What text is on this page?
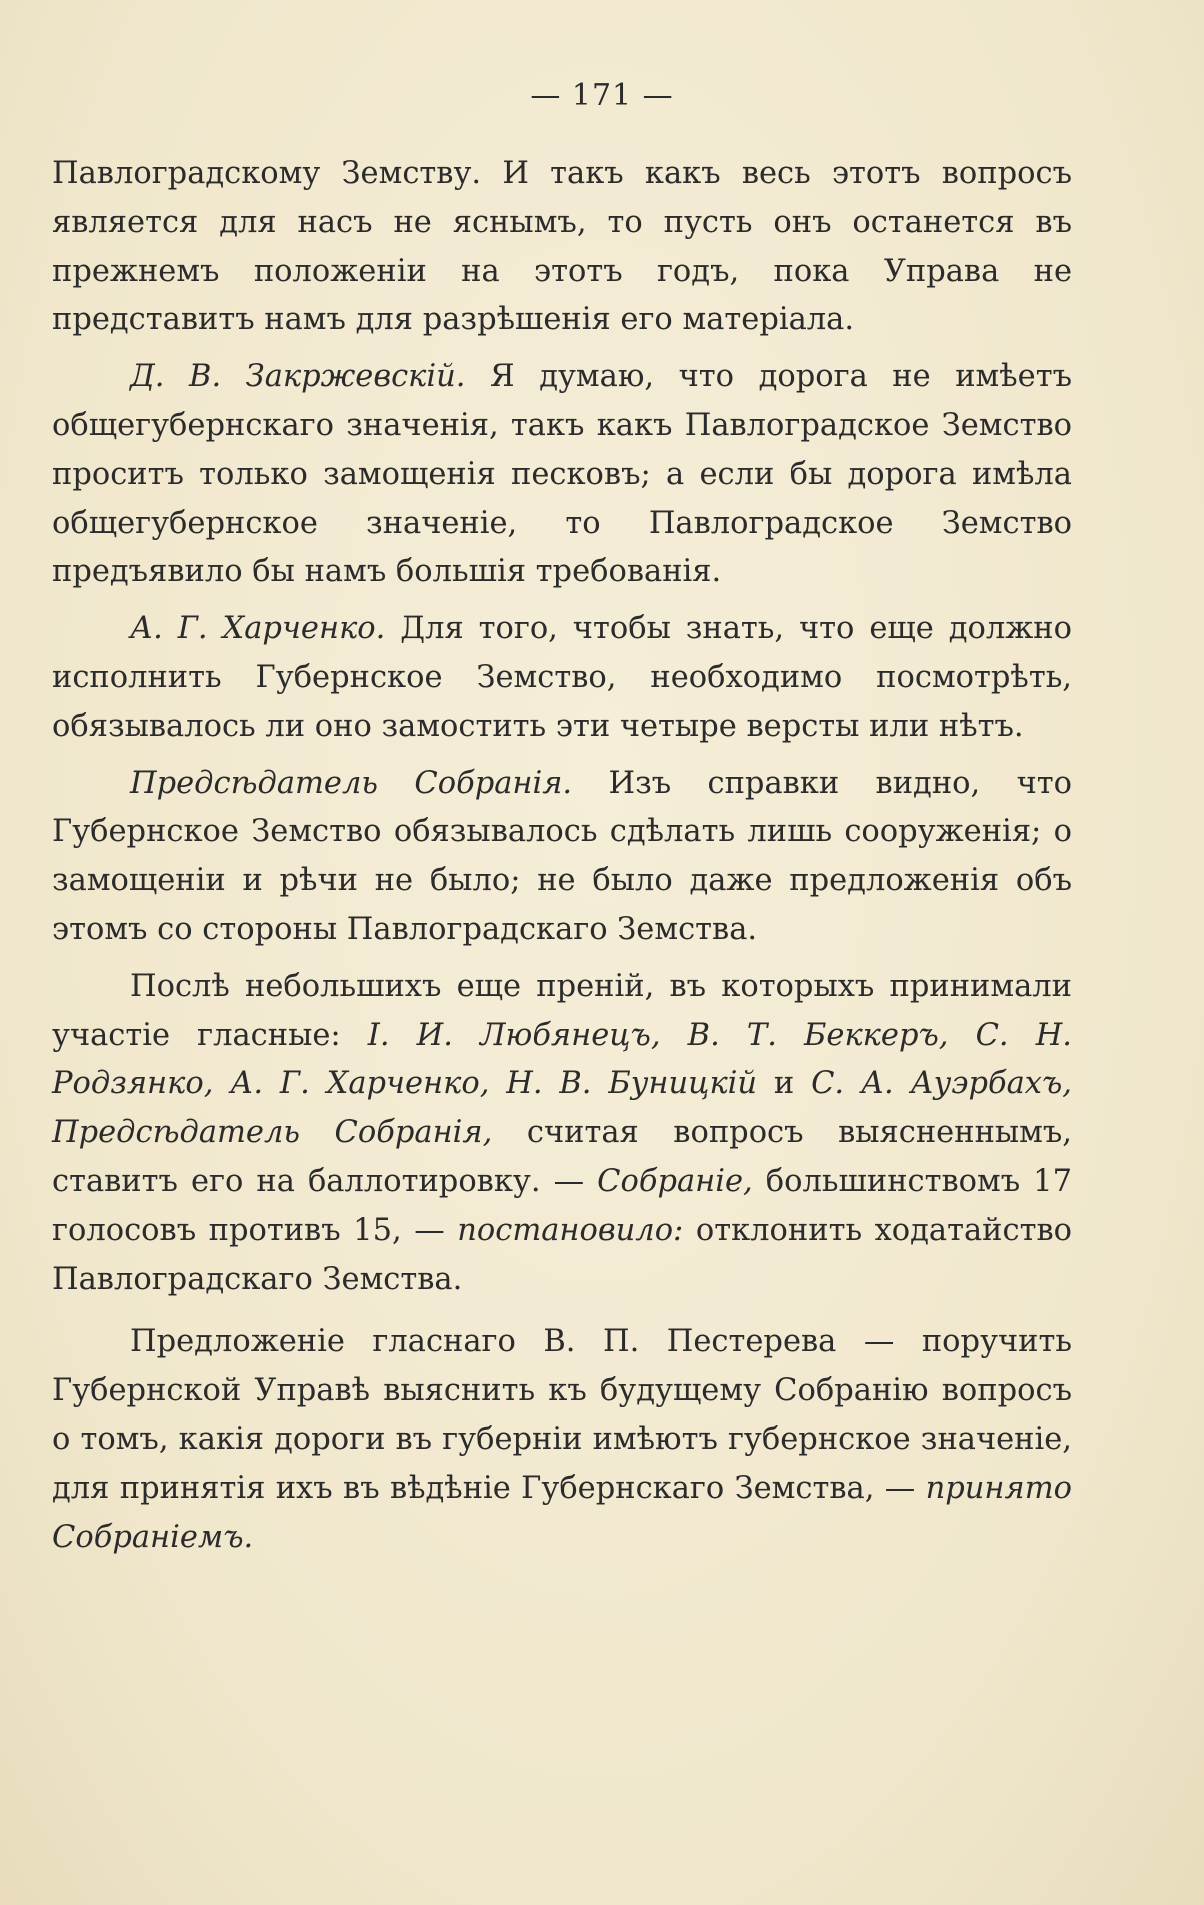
— 171 —

Павлоградскому Земству. И такъ какъ весь этотъ вопросъ является для насъ не яснымъ, то пусть онъ останется въ прежнемъ положенiи на этотъ годъ, пока Управа не представитъ намъ для разрѣшенiя его матерiала.

Д. В. Закржевскiй. Я думаю, что дорога не имѣетъ общегубернскаго значенiя, такъ какъ Павлоградское Земство проситъ только замощенiя песковъ; а если бы дорога имѣла общегубернское значенiе, то Павлоградское Земство предъявило бы намъ большiя требованiя.

А. Г. Харченко. Для того, чтобы знать, что еще должно исполнить Губернское Земство, необходимо посмотрѣть, обязывалось ли оно замостить эти четыре версты или нѣтъ.

Предсѣдатель Собранiя. Изъ справки видно, что Губернское Земство обязывалось сдѣлать лишь сооруженiя; о замощенiи и рѣчи не было; не было даже предложенiя объ этомъ со стороны Павлоградскаго Земства.

Послѣ небольшихъ еще пренiй, въ которыхъ принимали участiе гласные: I. И. Любянецъ, В. Т. Беккеръ, С. Н. Родзянко, А. Г. Харченко, Н. В. Буницкiй и С. А. Ауэрбахъ, Предсѣдатель Собранiя, считая вопросъ выясненнымъ, ставитъ его на баллотировку. — Собранiе, большинствомъ 17 голосовъ противъ 15, — постановило: отклонить ходатайство Павлоградскаго Земства.

Предложенiе гласнаго В. П. Пестерева — поручить Губернской Управѣ выяснить къ будущему Собранiю вопросъ о томъ, какiя дороги въ губернiи имѣютъ губернское значенiе, для принятiя ихъ въ вѣдѣнiе Губернскаго Земства, — принято Собранiемъ.
